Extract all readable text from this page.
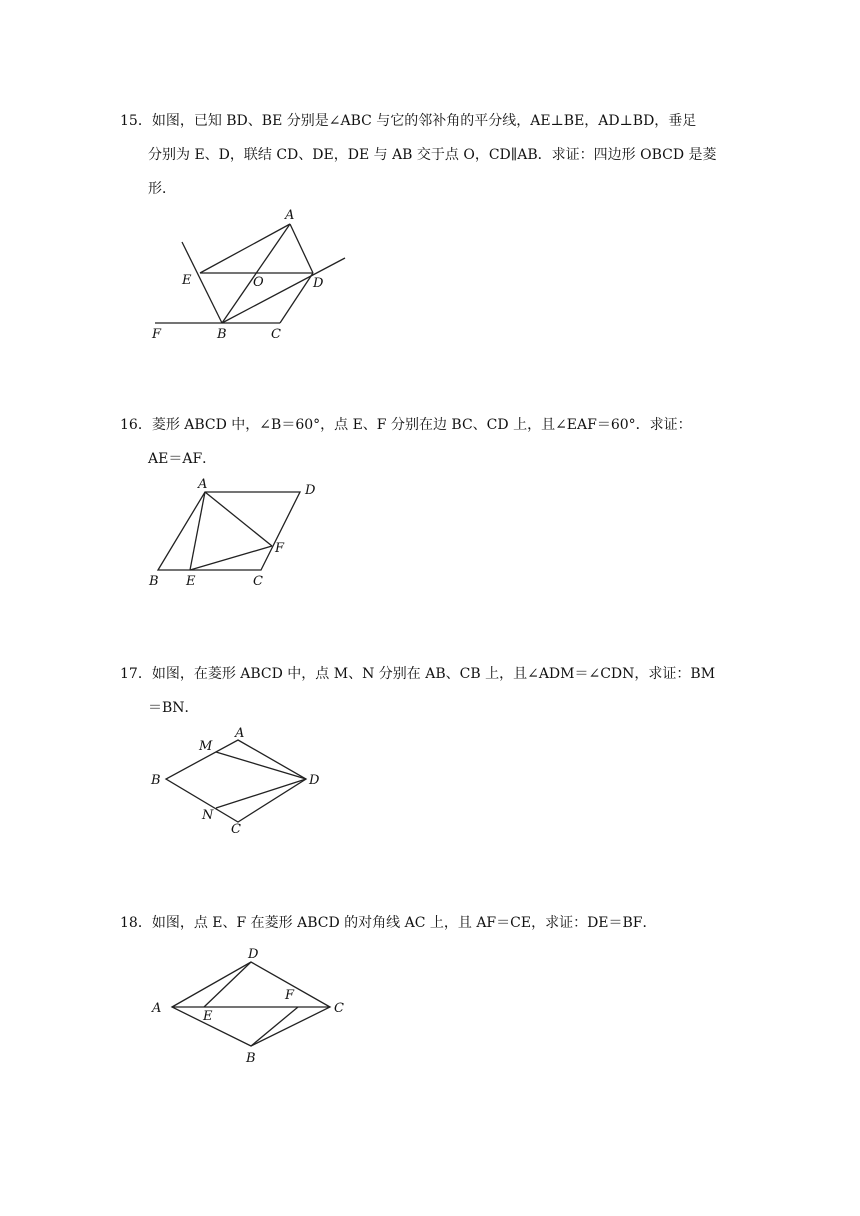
15．如图，已知 BD、BE 分别是∠ABC 与它的邻补角的平分线，AE⊥BE，AD⊥BD，垂足
分别为 E、D，联结 CD、DE，DE 与 AB 交于点 O，CD∥AB．求证：四边形 OBCD 是菱
形．
A
E	O	D
F	B	C
16．菱形 ABCD 中，∠B＝60°，点 E、F 分别在边 BC、CD 上，且∠EAF＝60°．求证：
AE＝AF．
A	D
F
B E	C
17．如图，在菱形 ABCD 中，点 M、N 分别在 AB、CB 上，且∠ADM＝∠CDN，求证：BM
＝BN．
M
A
B	D
N
C
18．如图，点 E、F 在菱形 ABCD 的对角线 AC 上，且 AF＝CE，求证：DE＝BF．
D
F
A
E
C
B
